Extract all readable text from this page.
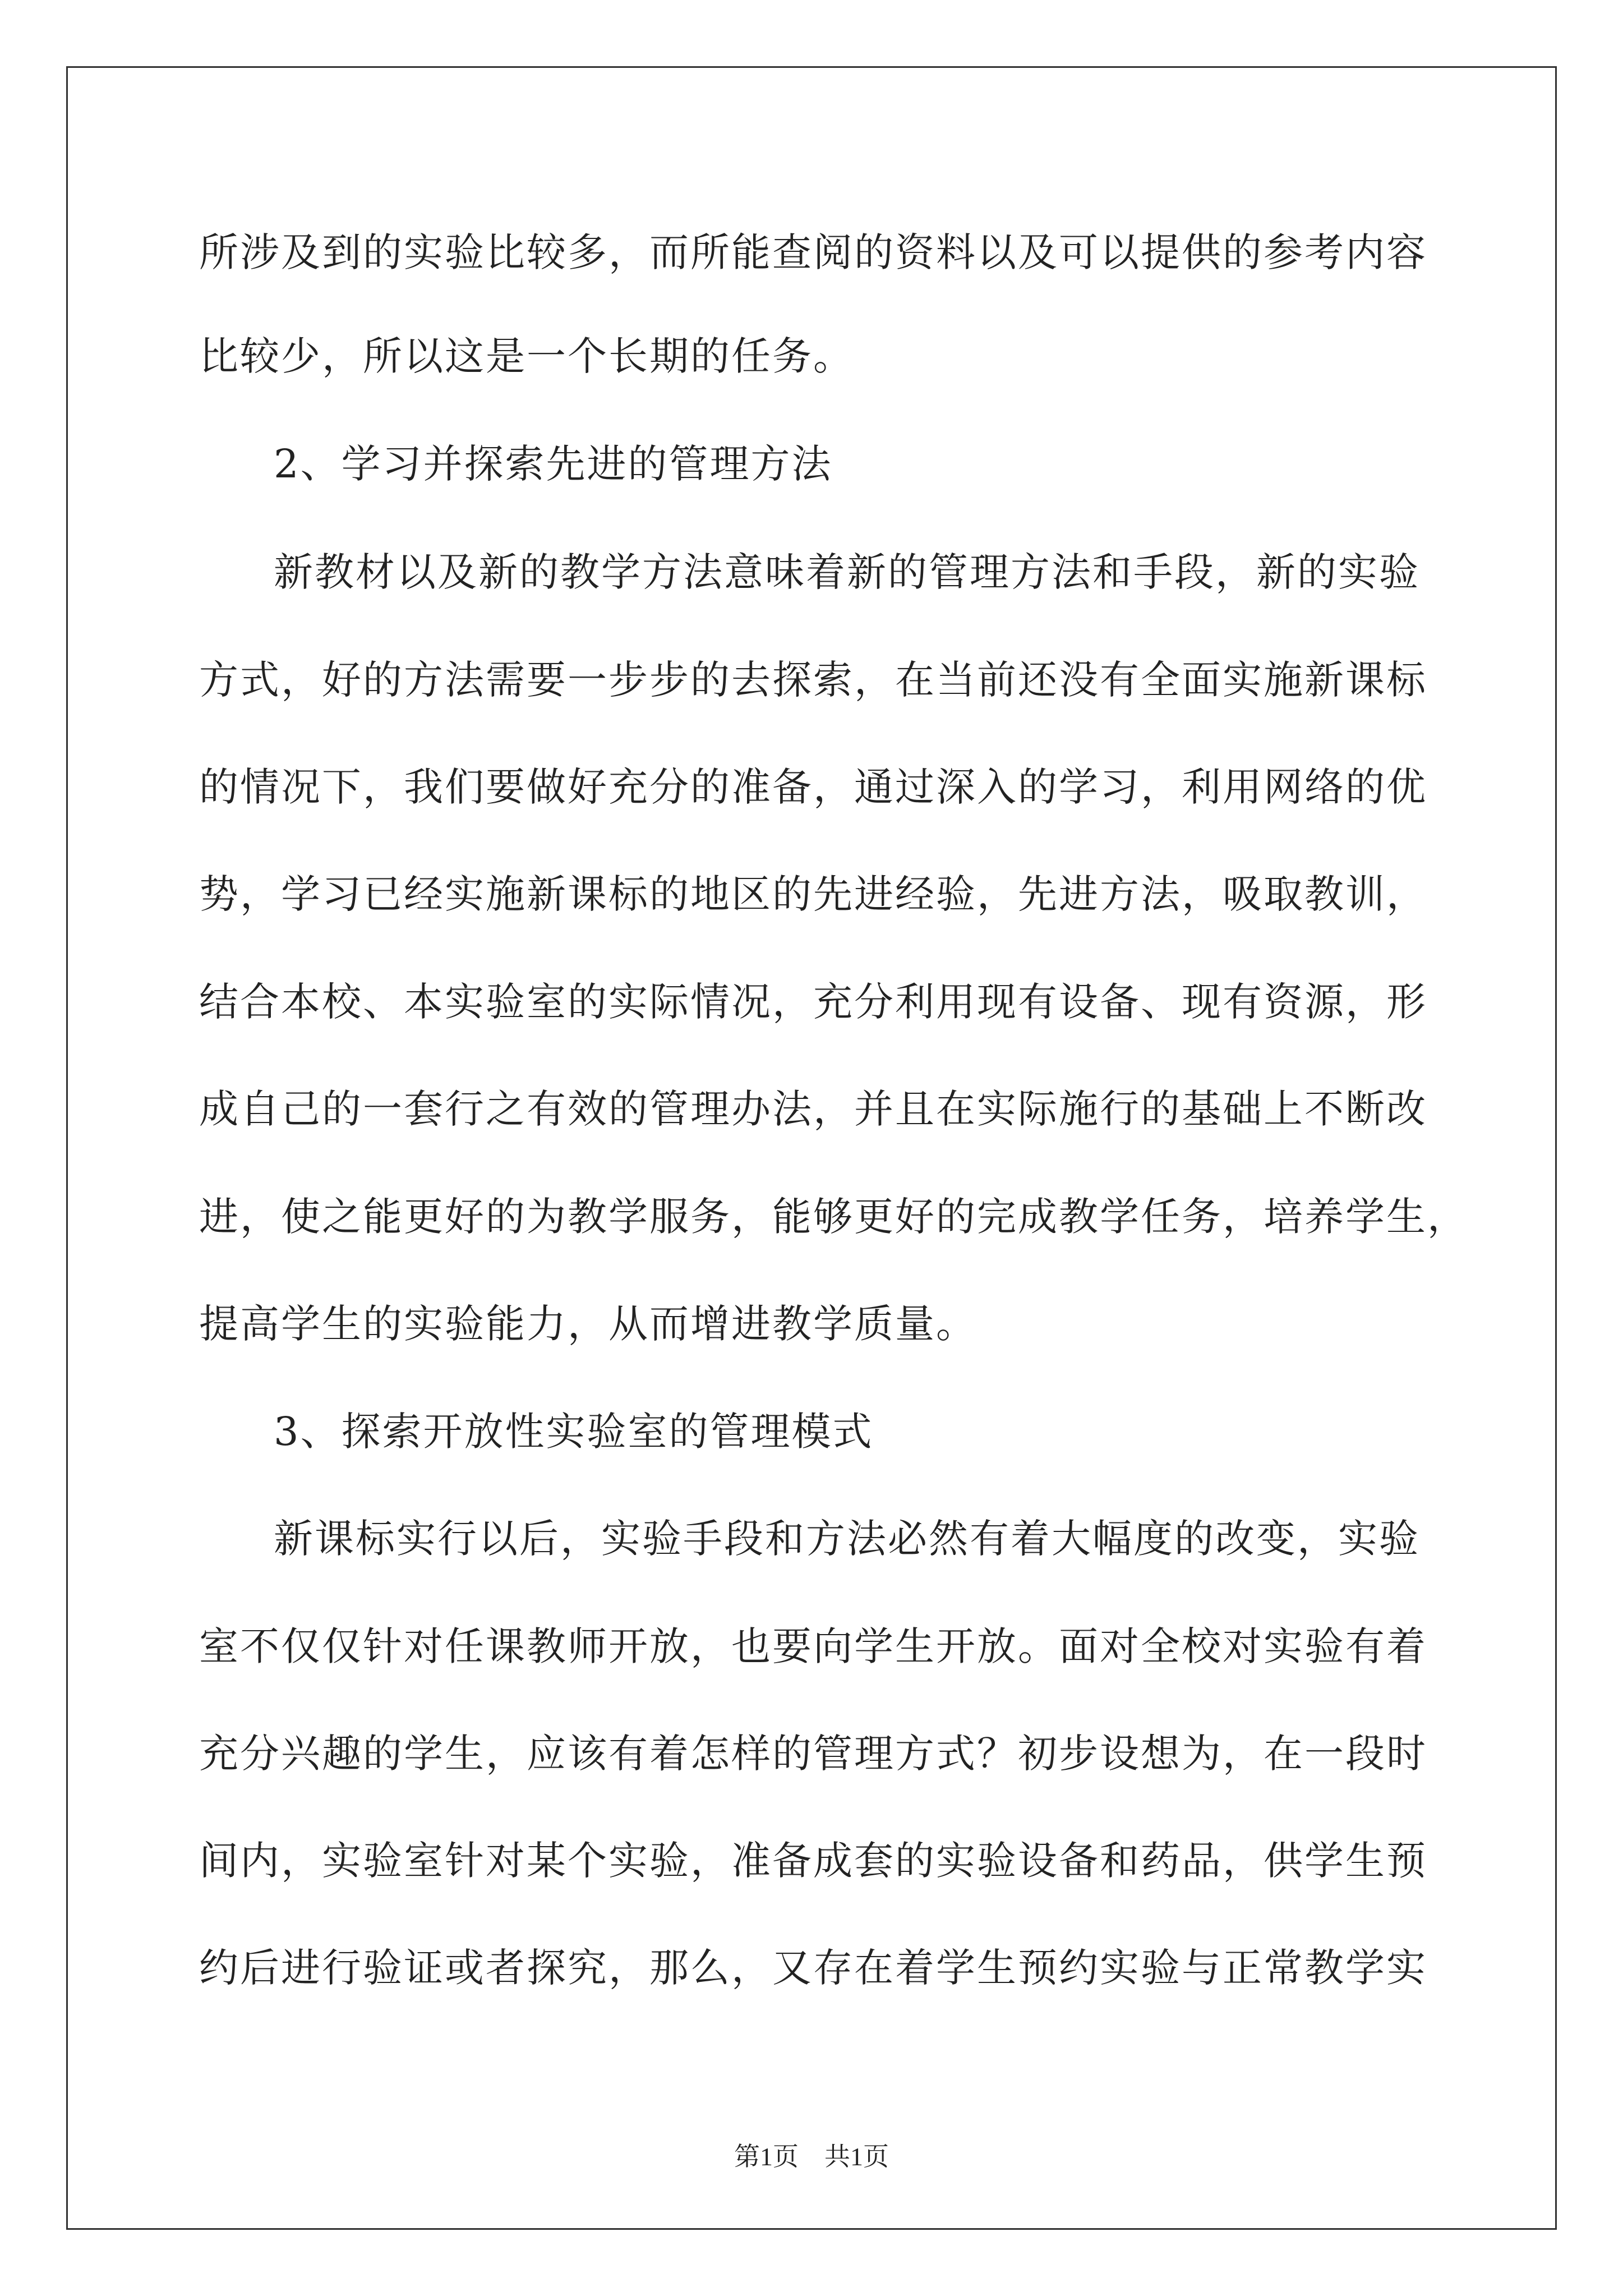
所涉及到的实验比较多，而所能查阅的资料以及可以提供的参考内容
比较少，所以这是一个长期的任务。
2、学习并探索先进的管理方法
新教材以及新的教学方法意味着新的管理方法和手段，新的实验
方式，好的方法需要一步步的去探索，在当前还没有全面实施新课标
的情况下，我们要做好充分的准备，通过深入的学习，利用网络的优
势，学习已经实施新课标的地区的先进经验，先进方法，吸取教训，
结合本校、本实验室的实际情况，充分利用现有设备、现有资源，形
成自己的一套行之有效的管理办法，并且在实际施行的基础上不断改
进，使之能更好的为教学服务，能够更好的完成教学任务，培养学生，
提高学生的实验能力，从而增进教学质量。
3、探索开放性实验室的管理模式
新课标实行以后，实验手段和方法必然有着大幅度的改变，实验
室不仅仅针对任课教师开放，也要向学生开放。面对全校对实验有着
充分兴趣的学生，应该有着怎样的管理方式？初步设想为，在一段时
间内，实验室针对某个实验，准备成套的实验设备和药品，供学生预
约后进行验证或者探究，那么，又存在着学生预约实验与正常教学实
第1页　共1页
